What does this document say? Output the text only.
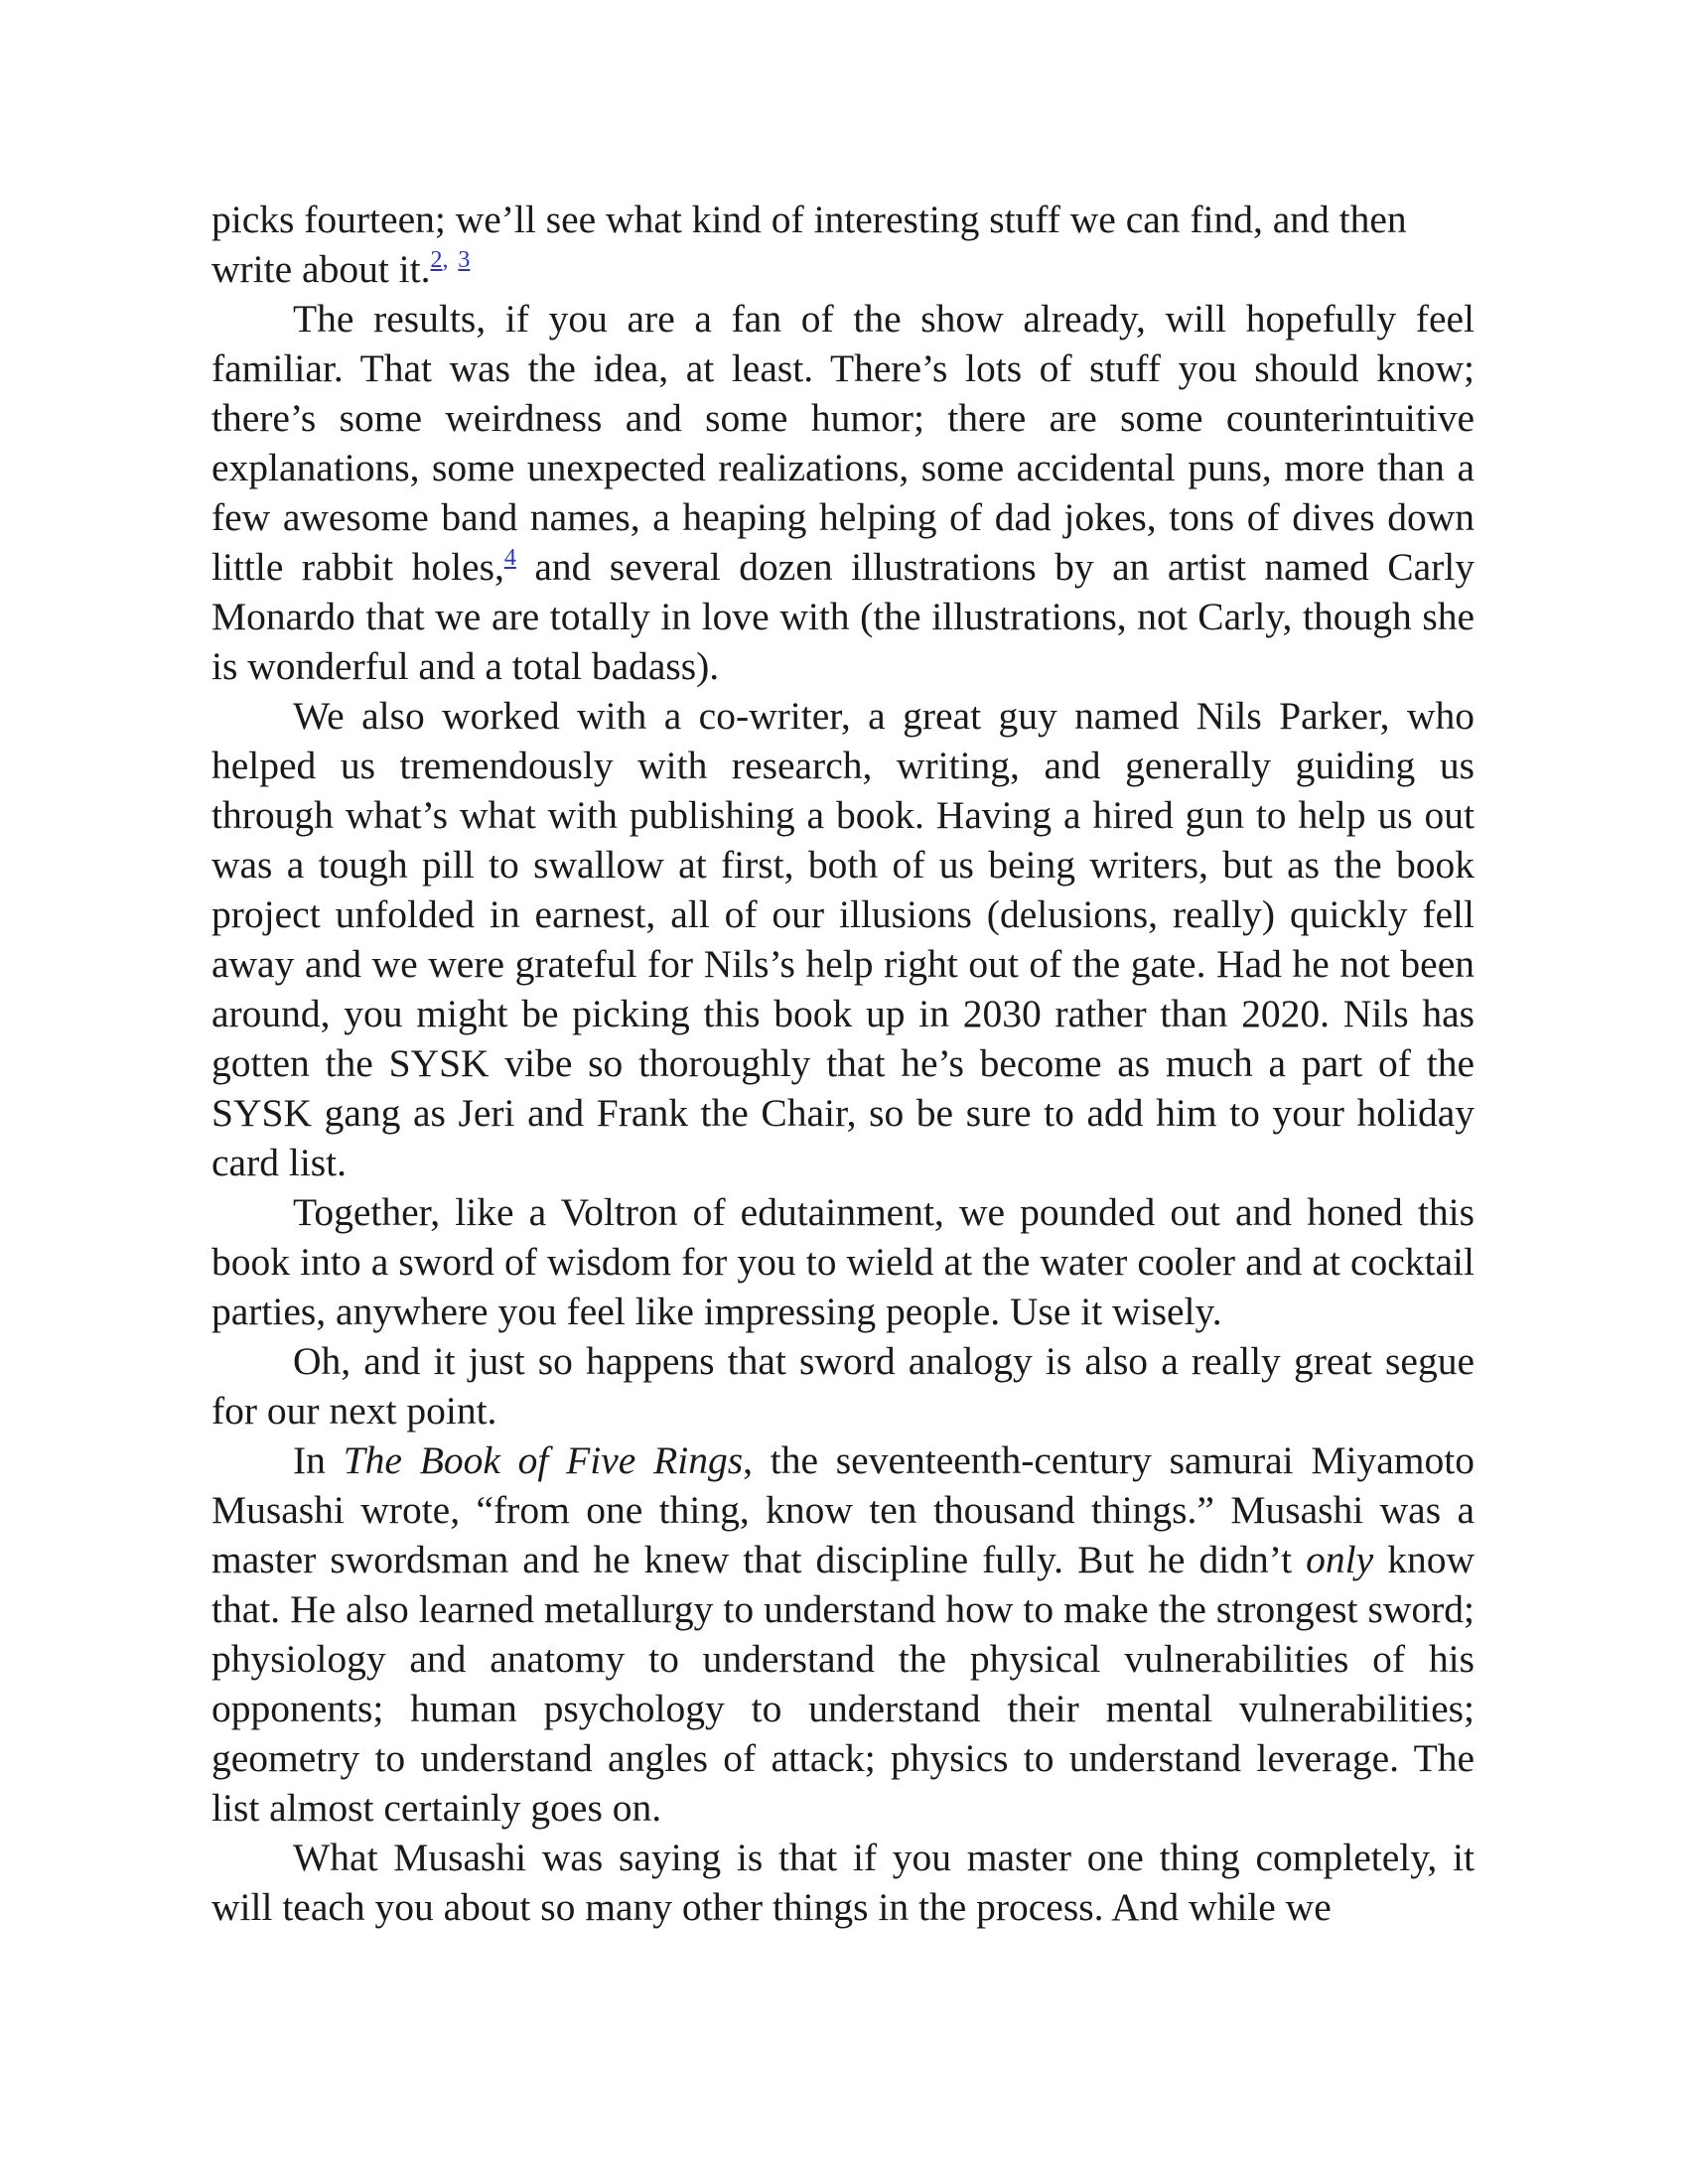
picks fourteen; we’ll see what kind of interesting stuff we can find, and then write about it.$^{2,}$ $^3$

The results, if you are a fan of the show already, will hopefully feel familiar. That was the idea, at least. There’s lots of stuff you should know; there’s some weirdness and some humor; there are some counterintuitive explanations, some unexpected realizations, some accidental puns, more than a few awesome band names, a heaping helping of dad jokes, tons of dives down little rabbit holes,$^4$ and several dozen illustrations by an artist named Carly Monardo that we are totally in love with (the illustrations, not Carly, though she is wonderful and a total badass).

We also worked with a co-writer, a great guy named Nils Parker, who helped us tremendously with research, writing, and generally guiding us through what’s what with publishing a book. Having a hired gun to help us out was a tough pill to swallow at first, both of us being writers, but as the book project unfolded in earnest, all of our illusions (delusions, really) quickly fell away and we were grateful for Nils’s help right out of the gate. Had he not been around, you might be picking this book up in 2030 rather than 2020. Nils has gotten the SYSK vibe so thoroughly that he’s become as much a part of the SYSK gang as Jeri and Frank the Chair, so be sure to add him to your holiday card list.

Together, like a Voltron of edutainment, we pounded out and honed this book into a sword of wisdom for you to wield at the water cooler and at cocktail parties, anywhere you feel like impressing people. Use it wisely.

Oh, and it just so happens that sword analogy is also a really great segue for our next point.

In The Book of Five Rings, the seventeenth-century samurai Miyamoto Musashi wrote, “from one thing, know ten thousand things.” Musashi was a master swordsman and he knew that discipline fully. But he didn’t only know that. He also learned metallurgy to understand how to make the strongest sword; physiology and anatomy to understand the physical vulnerabilities of his opponents; human psychology to understand their mental vulnerabilities; geometry to understand angles of attack; physics to understand leverage. The list almost certainly goes on.

What Musashi was saying is that if you master one thing completely, it will teach you about so many other things in the process. And while we
